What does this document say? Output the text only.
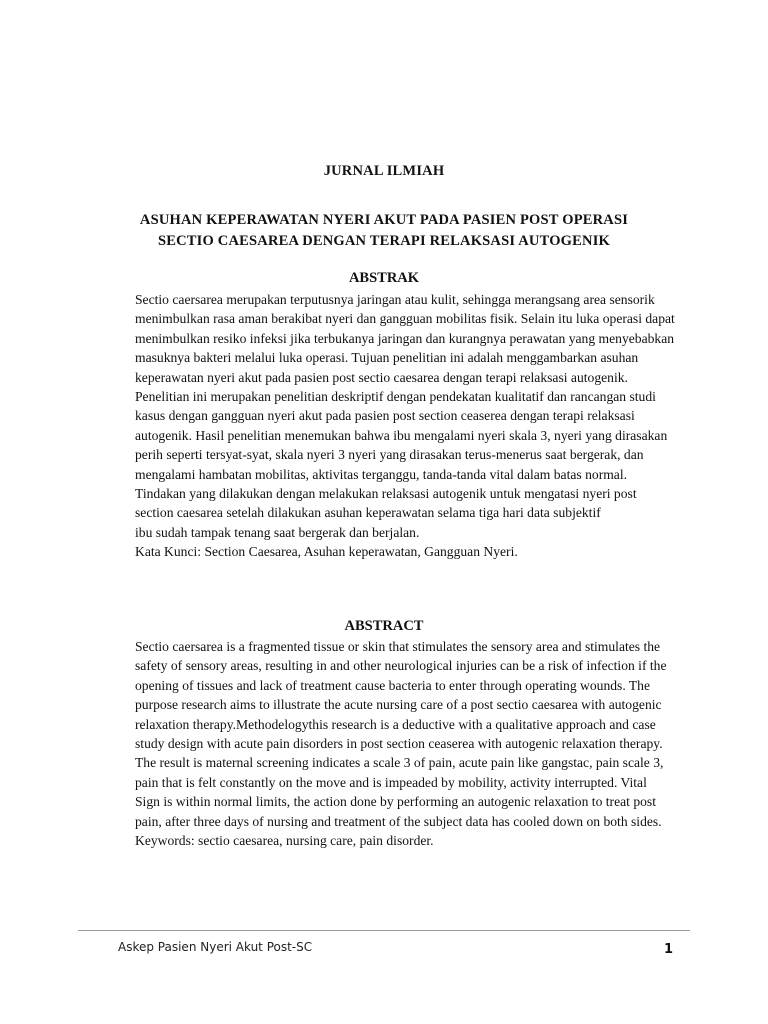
JURNAL ILMIAH
ASUHAN KEPERAWATAN NYERI AKUT PADA PASIEN POST OPERASI
SECTIO CAESAREA DENGAN TERAPI RELAKSASI AUTOGENIK
ABSTRAK

Sectio caersarea merupakan terputusnya jaringan atau kulit, sehingga merangsang area sensorik menimbulkan rasa aman berakibat nyeri dan gangguan mobilitas fisik. Selain itu luka operasi dapat menimbulkan resiko infeksi jika terbukanya jaringan dan kurangnya perawatan yang menyebabkan masuknya bakteri melalui luka operasi. Tujuan penelitian ini adalah menggambarkan asuhan keperawatan nyeri akut pada pasien post sectio caesarea dengan terapi relaksasi autogenik. Penelitian ini merupakan penelitian deskriptif dengan pendekatan kualitatif dan rancangan studi kasus dengan gangguan nyeri akut pada pasien post section ceaserea dengan terapi relaksasi autogenik. Hasil penelitian menemukan bahwa ibu mengalami nyeri skala 3, nyeri yang dirasakan perih seperti tersyat-syat, skala nyeri 3 nyeri yang dirasakan terus-menerus saat bergerak, dan mengalami hambatan mobilitas, aktivitas terganggu, tanda-tanda vital dalam batas normal.

Tindakan yang dilakukan dengan melakukan relaksasi autogenik untuk mengatasi nyeri post section caesarea setelah dilakukan asuhan keperawatan selama tiga hari data subjektif

ibu sudah tampak tenang saat bergerak dan berjalan.

Kata Kunci: Section Caesarea, Asuhan keperawatan, Gangguan Nyeri.

ABSTRACT

Sectio caersarea is a fragmented tissue or skin that stimulates the sensory area and stimulates the safety of sensory areas, resulting in and other neurological injuries can be a risk of infection if the opening of tissues and lack of treatment cause bacteria to enter through operating wounds. The purpose research aims to illustrate the acute nursing care of a post sectio caesarea with autogenic relaxation therapy.Methodelogythis research is a deductive with a qualitative approach and case study design with acute pain disorders in post section ceaserea with autogenic relaxation therapy. The result is maternal screening indicates a scale 3 of pain, acute pain like gangstac, pain scale 3, pain that is felt constantly on the move and is impeaded by mobility, activity interrupted. Vital Sign is within normal limits, the action done by performing an autogenic relaxation to treat post pain, after three days of nursing and treatment of the subject data has cooled down on both sides.

Keywords: sectio caesarea, nursing care, pain disorder.

Askep Pasien Nyeri Akut Post-SC	1
